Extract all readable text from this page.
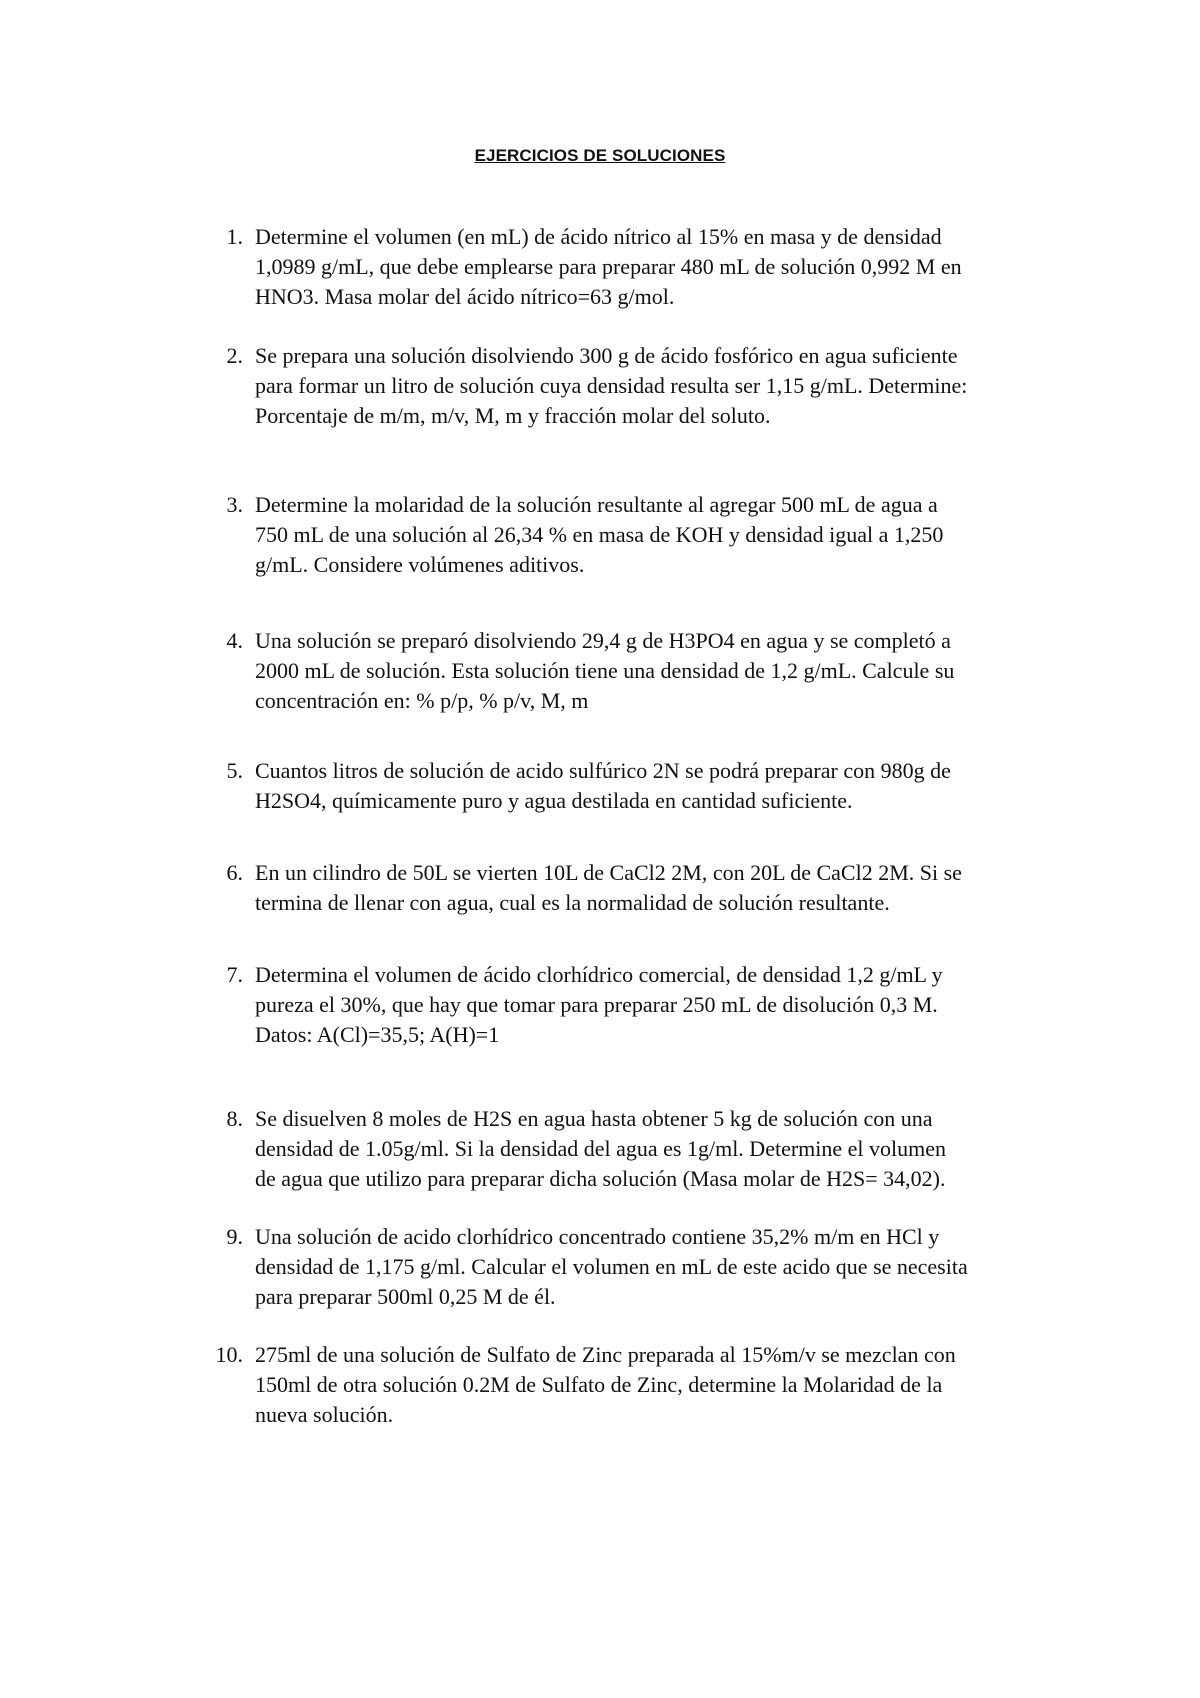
EJERCICIOS DE SOLUCIONES
1. Determine el volumen (en mL) de ácido nítrico al 15% en masa y de densidad
1,0989 g/mL, que debe emplearse para preparar 480 mL de solución 0,992 M en
HNO3. Masa molar del ácido nítrico=63 g/mol.
2. Se prepara una solución disolviendo 300 g de ácido fosfórico en agua suficiente
para formar un litro de solución cuya densidad resulta ser 1,15 g/mL. Determine:
Porcentaje de m/m, m/v, M, m y fracción molar del soluto.
3. Determine la molaridad de la solución resultante al agregar 500 mL de agua a
750 mL de una solución al 26,34 % en masa de KOH y densidad igual a 1,250
g/mL. Considere volúmenes aditivos.
4. Una solución se preparó disolviendo 29,4 g de H3PO4 en agua y se completó a
2000 mL de solución. Esta solución tiene una densidad de 1,2 g/mL. Calcule su
concentración en: % p/p, % p/v, M, m
5. Cuantos litros de solución de acido sulfúrico 2N se podrá preparar con 980g de
H2SO4, químicamente puro y agua destilada en cantidad suficiente.
6. En un cilindro de 50L se vierten 10L de CaCl2 2M, con 20L de CaCl2 2M. Si se
termina de llenar con agua, cual es la normalidad de solución resultante.
7. Determina el volumen de ácido clorhídrico comercial, de densidad 1,2 g/mL y
pureza el 30%, que hay que tomar para preparar 250 mL de disolución 0,3 M.
Datos: A(Cl)=35,5; A(H)=1
8. Se disuelven 8 moles de H2S en agua hasta obtener 5 kg de solución con una
densidad de 1.05g/ml. Si la densidad del agua es 1g/ml. Determine el volumen
de agua que utilizo para preparar dicha solución (Masa molar de H2S= 34,02).
9. Una solución de acido clorhídrico concentrado contiene 35,2% m/m en HCl y
densidad de 1,175 g/ml. Calcular el volumen en mL de este acido que se necesita
para preparar 500ml 0,25 M de él.
10. 275ml de una solución de Sulfato de Zinc preparada al 15%m/v se mezclan con
150ml de otra solución 0.2M de Sulfato de Zinc, determine la Molaridad de la
nueva solución.
